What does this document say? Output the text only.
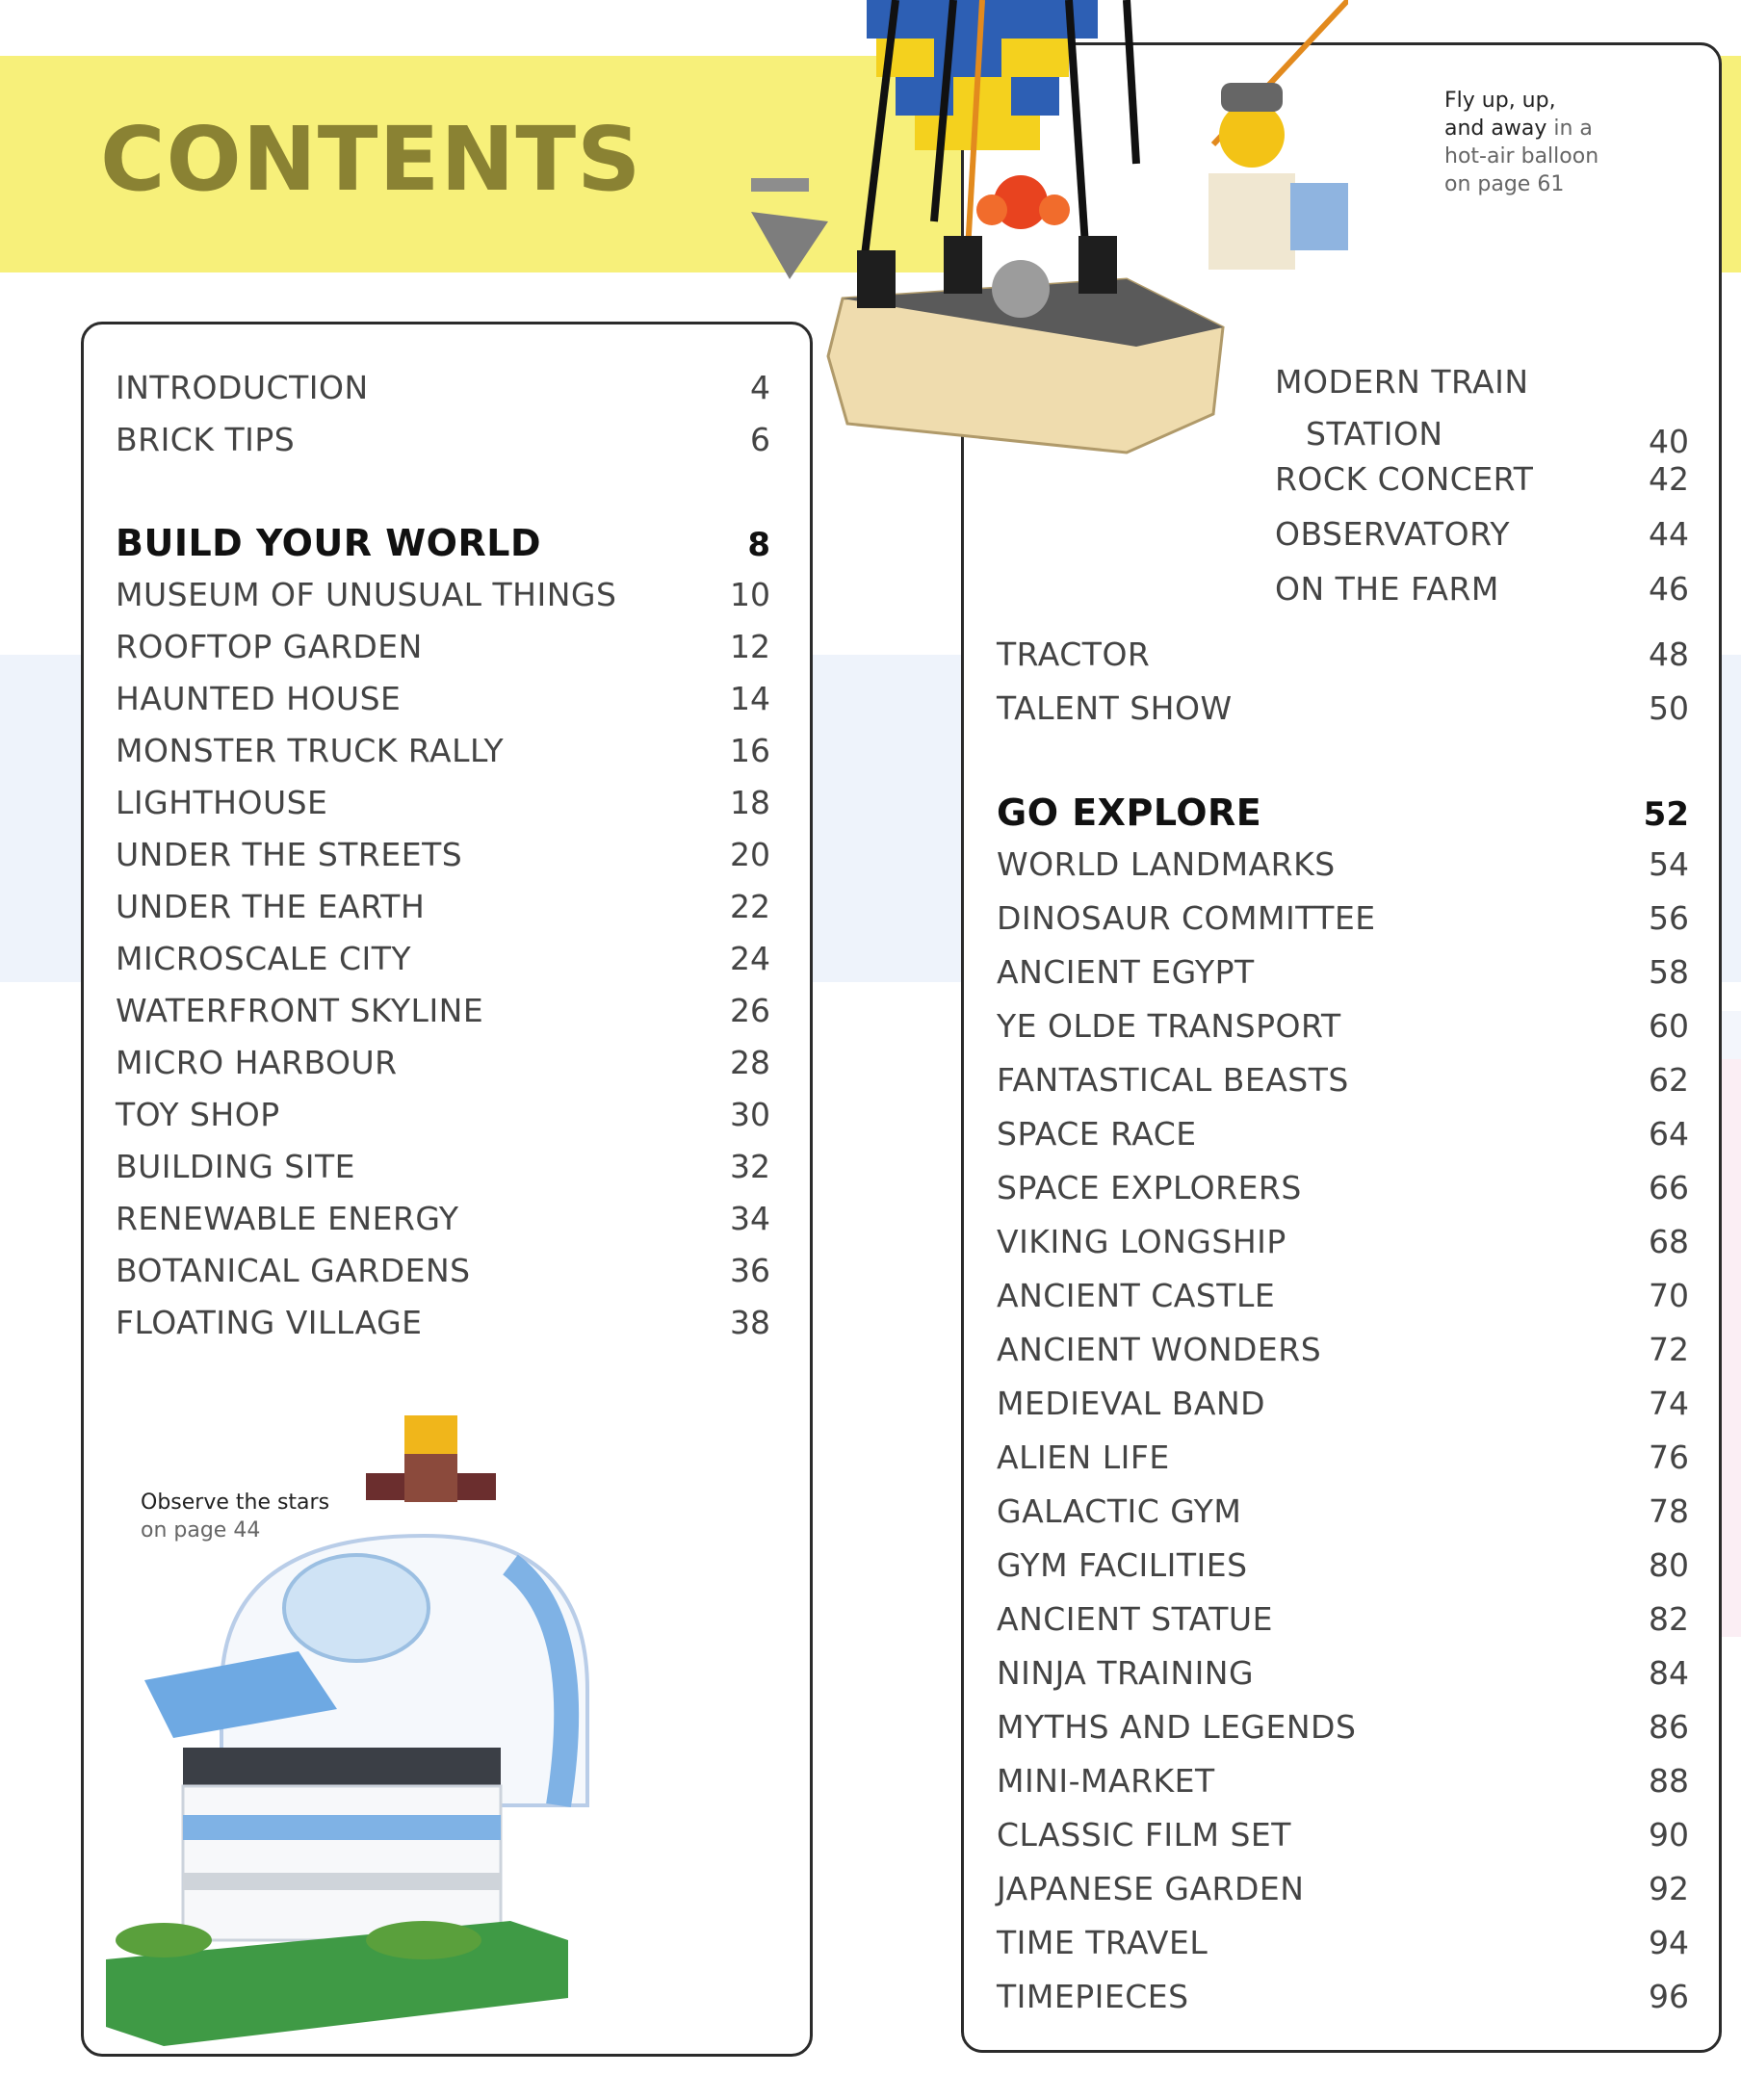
CONTENTS
INTRODUCTION	4
BRICK TIPS	6
BUILD YOUR WORLD	8
MUSEUM OF UNUSUAL THINGS	10
ROOFTOP GARDEN	12
HAUNTED HOUSE	14
MONSTER TRUCK RALLY	16
LIGHTHOUSE	18
UNDER THE STREETS	20
UNDER THE EARTH	22
MICROSCALE CITY	24
WATERFRONT SKYLINE	26
MICRO HARBOUR	28
TOY SHOP	30
BUILDING SITE	32
RENEWABLE ENERGY	34
BOTANICAL GARDENS	36
FLOATING VILLAGE	38
MODERN TRAIN
STATION	40
ROCK CONCERT	42
OBSERVATORY	44
ON THE FARM	46
TRACTOR	48
TALENT SHOW	50
GO EXPLORE	52
WORLD LANDMARKS	54
DINOSAUR COMMITTEE	56
ANCIENT EGYPT	58
YE OLDE TRANSPORT	60
FANTASTICAL BEASTS	62
SPACE RACE	64
SPACE EXPLORERS	66
VIKING LONGSHIP	68
ANCIENT CASTLE	70
ANCIENT WONDERS	72
MEDIEVAL BAND	74
ALIEN LIFE	76
GALACTIC GYM	78
GYM FACILITIES	80
ANCIENT STATUE	82
NINJA TRAINING	84
MYTHS AND LEGENDS	86
MINI-MARKET	88
CLASSIC FILM SET	90
JAPANESE GARDEN	92
TIME TRAVEL	94
TIMEPIECES	96
Fly up, up,
and away in a
hot-air balloon
on page 61
Observe the stars
on page 44
